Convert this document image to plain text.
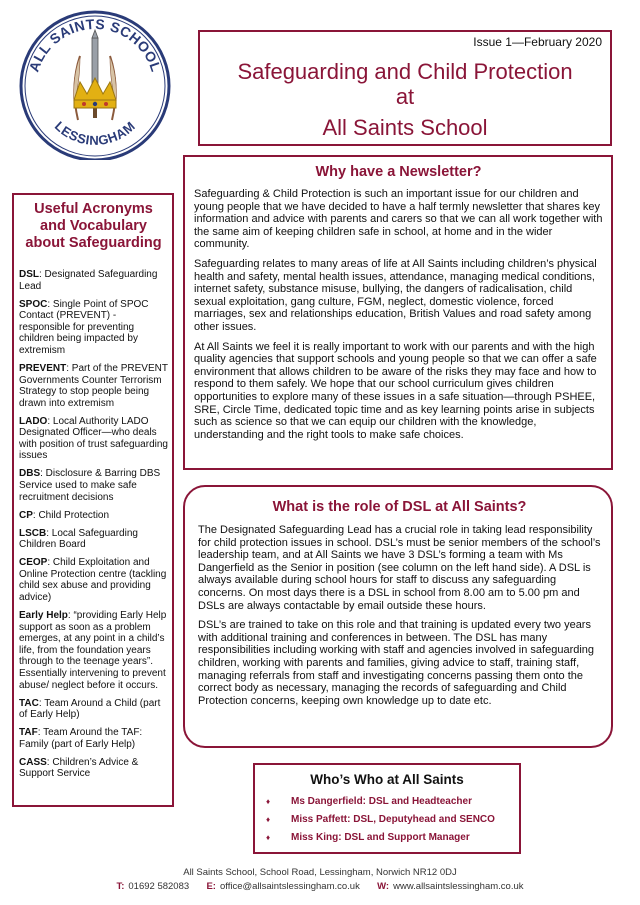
ALL SAINTS SCHOOL
LESSINGHAM
Issue 1—February 2020
Safeguarding and Child Protection
at
All Saints School
Useful Acronyms
and Vocabulary
about Safeguarding
DSL: Designated Safeguarding Lead
SPOC: Single Point of SPOC Contact (PREVENT) - responsible for preventing children being impacted by extremism
PREVENT: Part of the PREVENT Governments Counter Terrorism Strategy to stop people being drawn into extremism
LADO: Local Authority LADO Designated Officer—who deals with position of trust safeguarding issues
DBS: Disclosure & Barring DBS Service used to make safe recruitment decisions
CP: Child Protection
LSCB: Local Safeguarding Children Board
CEOP: Child Exploitation and Online Protection centre (tackling child sex abuse and providing advice)
Early Help: “providing Early Help support as soon as a problem emerges, at any point in a child’s life, from the foundation years through to the teenage years”. Essentially intervening to prevent abuse/ neglect before it occurs.
TAC: Team Around a Child (part of Early Help)
TAF: Team Around the TAF: Family (part of Early Help)
CASS: Children’s Advice & Support Service
Why have a Newsletter?

Safeguarding & Child Protection is such an important issue for our children and young people that we have decided to have a half termly newsletter that shares key information and advice with parents and carers so that we can all work together with the same aim of keeping children safe in school, at home and in the wider community.

Safeguarding relates to many areas of life at All Saints including children’s physical health and safety, mental health issues, attendance, managing medical conditions, internet safety, substance misuse, bullying, the dangers of radicalisation, child sexual exploitation, gang culture, FGM, neglect, domestic violence, forced marriages, sex and relationships education, British Values and road safety among other issues.

At All Saints we feel it is really important to work with our parents and with the high quality agencies that support schools and young people so that we can offer a safe environment that allows children to be aware of the risks they may face and how to respond to them safely. We hope that our school curriculum gives children opportunities to explore many of these issues in a safe situation—through PSHEE, SRE, Circle Time, dedicated topic time and as key learning points arise in subjects such as science so that we can equip our children with the knowledge, understanding and the right tools to make safe choices.

What is the role of DSL at All Saints?

The Designated Safeguarding Lead has a crucial role in taking lead responsibility for child protection issues in school. DSL’s must be senior members of the school’s leadership team, and at All Saints we have 3 DSL’s forming a team with Ms Dangerfield as the Senior in position (see column on the left hand side). A DSL is always available during school hours for staff to discuss any safeguarding concerns. On most days there is a DSL in school from 8.00 am to 5.00 pm and DSLs are always contactable by email outside these hours.

DSL’s are trained to take on this role and that training is updated every two years with additional training and conferences in between. The DSL has many responsibilities including working with staff and agencies involved in safeguarding children, working with parents and families, giving advice to staff, training staff, managing referrals from staff and investigating concerns passing them onto the correct body as necessary, managing the records of safeguarding and Child Protection concerns, keeping own knowledge up to date etc.

Who’s Who at All Saints
♦	Ms Dangerfield: DSL and Headteacher
♦	Miss Paffett: DSL, Deputyhead and SENCO
♦	Miss King: DSL and Support Manager
All Saints School, School Road, Lessingham, Norwich NR12 0DJ
T: 01692 582083 E: office@allsaintslessingham.co.uk W: www.allsaintslessingham.co.uk
